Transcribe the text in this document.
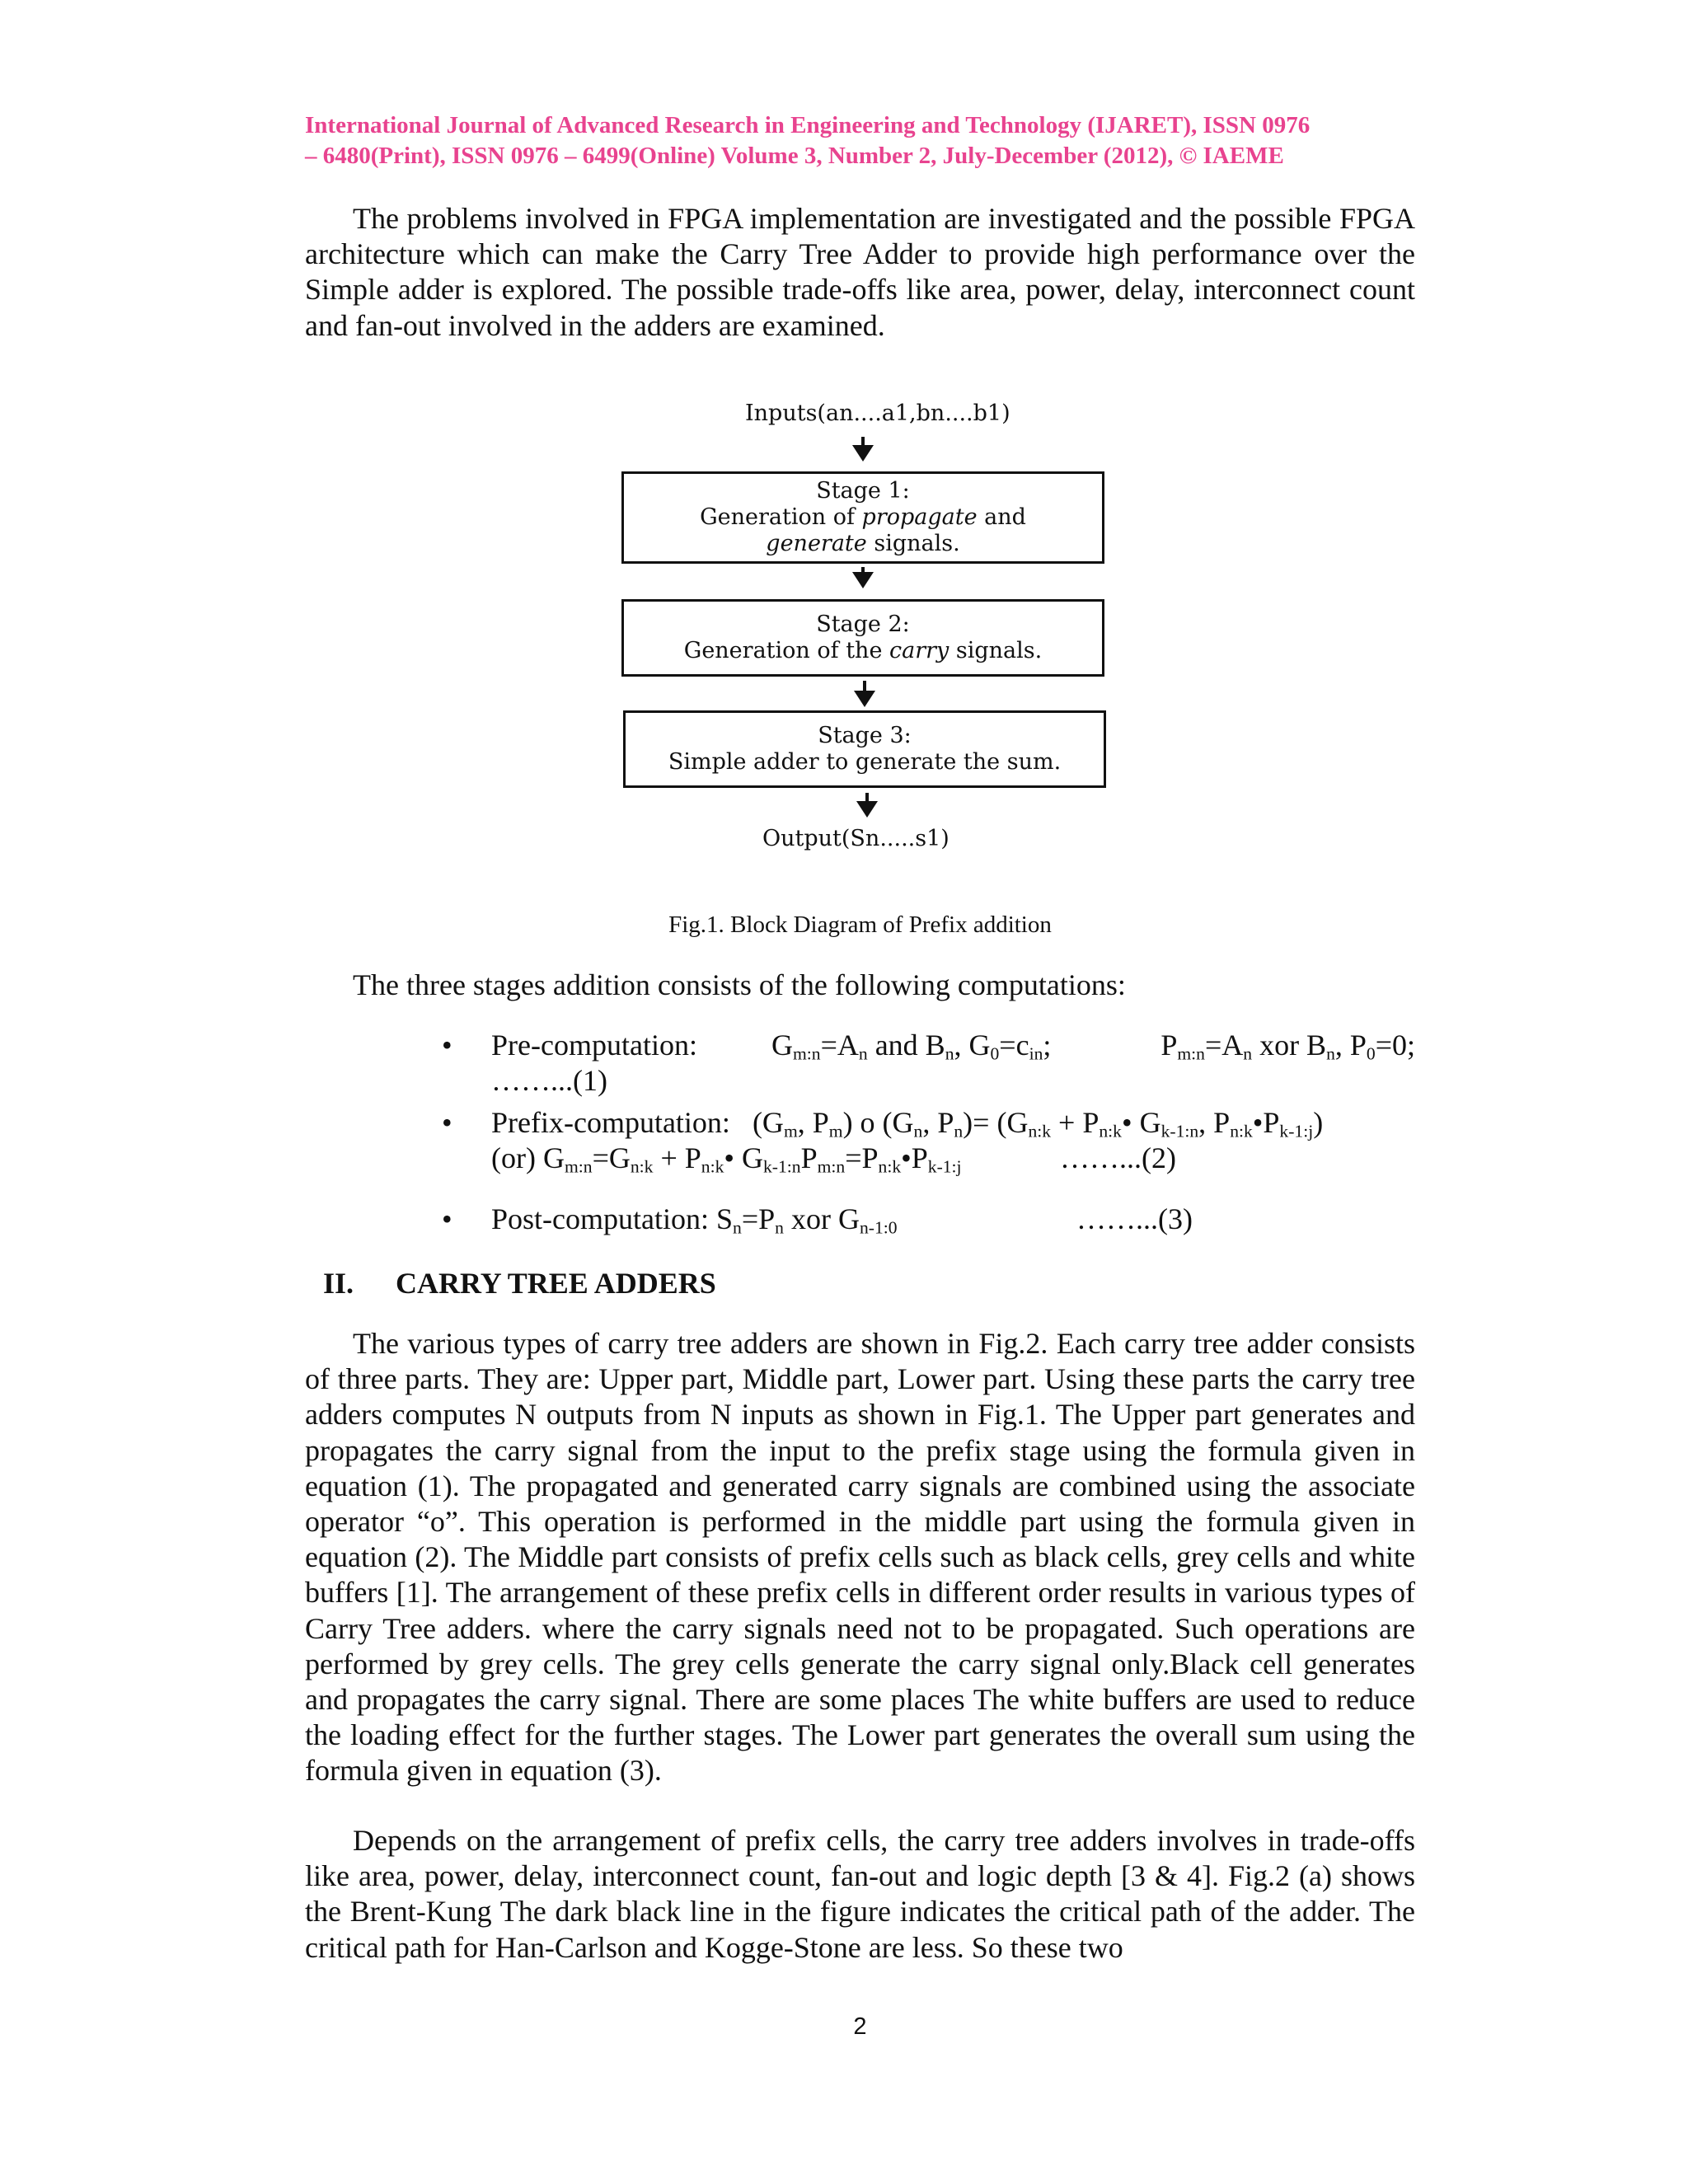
International Journal of Advanced Research in Engineering and Technology (IJARET), ISSN 0976
– 6480(Print), ISSN 0976 – 6499(Online) Volume 3, Number 2, July-December (2012), © IAEME

The problems involved in FPGA implementation are investigated and the possible FPGA architecture which can make the Carry Tree Adder to provide high performance over the Simple adder is explored. The possible trade-offs like area, power, delay, interconnect count and fan-out involved in the adders are examined.

Inputs(an....a1,bn....b1)
Stage 1:
Generation of propagate and
generate signals.
Stage 2:
Generation of the carry signals.
Stage 3:
Simple adder to generate the sum.
Output(Sn.....s1)
Fig.1. Block Diagram of Prefix addition
The three stages addition consists of the following computations:
• Pre-computation:	$G_{m:n}=A_n$ and $B_n$, $G_0=c_{in}$;	$P_{m:n}=A_n$ xor $B_n$, $P_0=0$;
……...(1)
• Prefix-computation: ($G_m$, $P_m$) o ($G_n$, $P_n)= (G_{n:k}$ + $P_{n:k}•$ $G_{k-1:n}$, $P_{n:k}•P_{k-1:j}$)
(or) $G_{m:n}=G_{n:k}$ + $P_{n:k}•$ $G_{k-1:n}P_{m:n}=P_{n:k}•P_{k-1:j}$	……...(2)
• Post-computation: $S_n=P_n$ xor $G_{n-1:0}$	……...(3)
II. CARRY TREE ADDERS

The various types of carry tree adders are shown in Fig.2. Each carry tree adder consists of three parts. They are: Upper part, Middle part, Lower part. Using these parts the carry tree adders computes N outputs from N inputs as shown in Fig.1. The Upper part generates and propagates the carry signal from the input to the prefix stage using the formula given in equation (1). The propagated and generated carry signals are combined using the associate operator “o”. This operation is performed in the middle part using the formula given in equation (2). The Middle part consists of prefix cells such as black cells, grey cells and white buffers [1]. The arrangement of these prefix cells in different order results in various types of Carry Tree adders. where the carry signals need not to be propagated. Such operations are performed by grey cells. The grey cells generate the carry signal only.Black cell generates and propagates the carry signal. There are some places The white buffers are used to reduce the loading effect for the further stages. The Lower part generates the overall sum using the formula given in equation (3).

Depends on the arrangement of prefix cells, the carry tree adders involves in trade-offs like area, power, delay, interconnect count, fan-out and logic depth [3 & 4]. Fig.2 (a) shows the Brent-Kung The dark black line in the figure indicates the critical path of the adder. The critical path for Han-Carlson and Kogge-Stone are less. So these two

2
